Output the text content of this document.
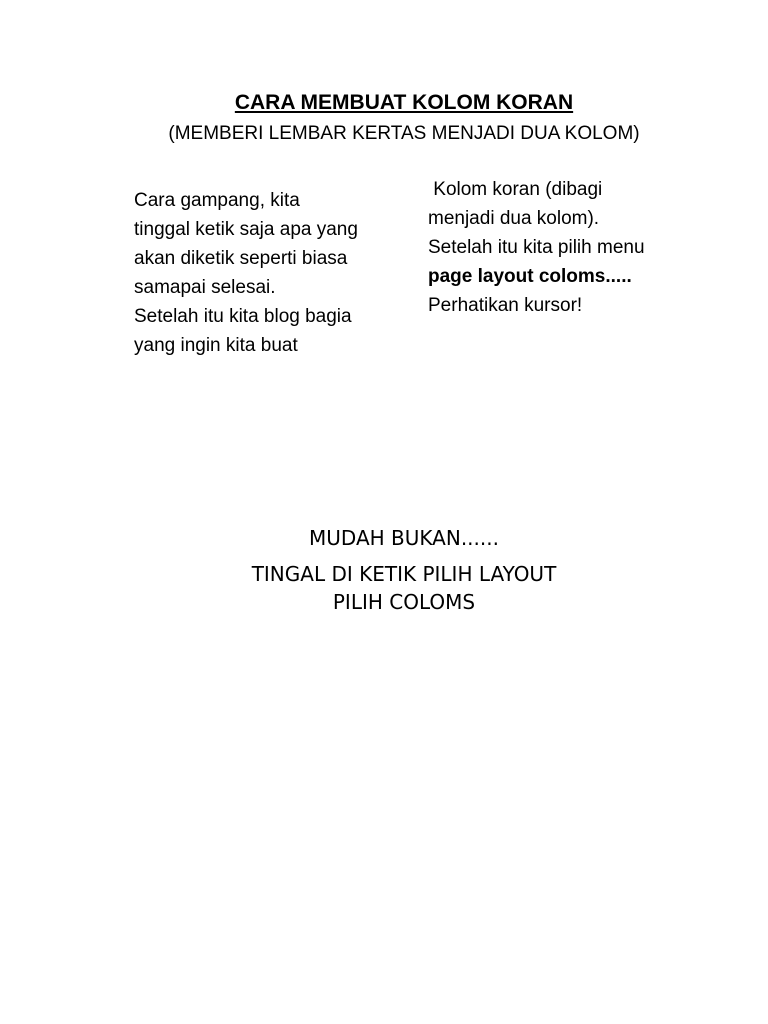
CARA MEMBUAT KOLOM KORAN

(MEMBERI LEMBAR KERTAS MENJADI DUA KOLOM)

Cara gampang, kita

tinggal ketik saja apa yang

akan diketik seperti biasa

samapai selesai.

Setelah itu kita blog bagia

yang ingin kita buat

Kolom koran (dibagi

menjadi dua kolom).

Setelah itu kita pilih menu

page layout coloms.....

Perhatikan kursor!

MUDAH BUKAN......

TINGAL DI KETIK PILIH LAYOUT

PILIH COLOMS
